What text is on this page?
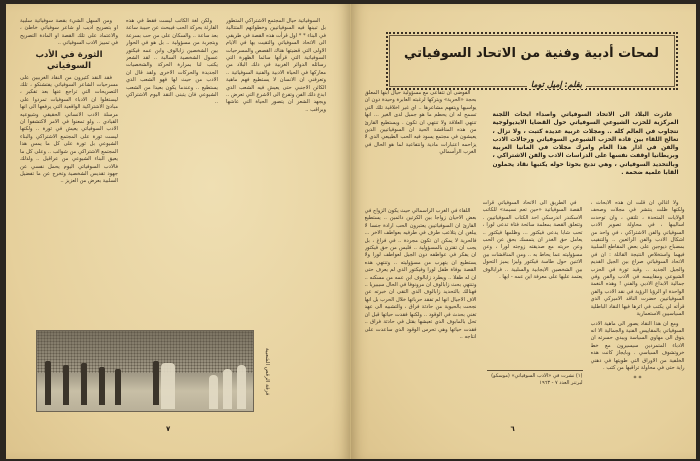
ومن السهل الشيء بقصة سوفياتية سلبية او بتصريح اديب او شاعر سوفياتي خاطئ ، والاعتماد على تلك القصة او المادة التصريح في تمييز الادب السوفياتي ..

الثورة في الأدب السوفياتي

فقد النقد كثيرون من النقاد الغربيين على مسرحيات الشاعر السوفياتي يفتشنكو ، تلك التصريحات التي تراجع عنها بعد تفكير ، ليستغلوا ان الادباء السوفيات تمردوا على مبادئ الاشتراكية الواقعية التي يرفعها الى انها مرسلة الادب الانساني الحقيقي وشيوعيه القيادي .. ولو تمعنوا في الامر لاكتشفوا ان الادب السوفياتي يعيش في ثورة .. ولكنها ليست ثورة على المجتمع الاشتراكي والبناء الشيوعي بل ثورة على كل ما يمس هذا المجتمع الاشتراكي من شوائب .. وعلى كل ما يعيق البناء الشيوعي من عراقيل .. ولذلك فالادب السوفياتي اليوم يحمل نفسي عن جهود تقديس الشخصية وتخرج عن ما تفضيل السلبية بعرض من العزيز ..

ولكن لغة الكاتب ليست فقط في هذه القارئة بحركة الحب فيبحث عن حبيبة ساعة بعد ساعة .. والسكان على من حب بسرعة وبتجربة من مسؤولية .. بل هو في الحوار بين الشخصين زابالوف وابن عمه فيكتور عسول الشخصية السالبة .. لقد الشعر يكتب لنا بمرارة الحركة والشخصيات الجديدة والحركات الاخرى ولقد قال ان الادب من حيث لها فهو الشعب الذي يستطيع .. وعندما يكون بعيدا من الشعب الشيوعي فان يتبنى النقد اليوم الاشتراكي ..

السوفياتية حيال المجتمع الاشتراكي المتطور بل تبينها فيه السوفياتيين وخطواتهم المتتالية في البناء * * اول قرأت هذه القصة في طريقي الى الاتحاد السوفياتي والتقيت بها في الايام الاولى التي قضيتها هناك القصص والمسرحيات السوفياتية التي قرأتها سائما الظهرة التي رسائله الدوائر الغربية في ذلك البلاد من معاركها في الحياة الادبية والفنية السوفياتية .. وتعرفني ان الانسان لا يستطيع فهم ماهية الكائن الاجنبي حتى يعيش فيه الشعب الذي ابدع ذلك الفن وتفرع الى الاشرع التي تعرض .. ويجهد الشعر ان يتصور الحياة التي عاشها ويراقب ..

فرقة الرقص الشعبية
٧
لمحات أدبية وفنية من الاتحاد السوفياتي
بقلم: إميل توما

الفوضى ان تتفاعى مع مسؤولية حيال ابنها المعلق بحجة «الحرية» ويتركها لرغبته العابرة وحيدة دون ان يواسيها ويتفهم مشاعرها .. اي غير اخلاقية تلك التي تسمح له ان يحطم ما هو جميل لدى الغير ... انها تنتهي العلاقة ولا تنتهي ان تكون . ويستطيع القارئ من هذه المناقشة الحية ان السوفياتيين الذين يعيشون في مجتمع يسود فيه الحب الطبيعي الذي لا يزاحمه اعتبارات مادية وانتفاعية لما هو الحال في الغرب الرأسمالي

غادرت البلاد الى الاتحاد السوفياتي واصداء ابحاث اللجنة المركزية للحزب الشيوعي السوفياتي حول القضايا الايديولوجية تتجاوب في العالم كله .. ومجلات غربية عديدة كتبت ، ولا تزال ، تعالج اللقاء بين قادة الحزب الشيوعي السوفياتي ورجالات الادب والفن في اذار هذا العام وامرك مجلات في المانيا الغربية وبريطانيا اوقفت نفسها على الدراسات الادب والفن الاشتراكي ، وبالتحديد السوفياتي ، وهي تدبج بحوثا حوله يكتبها نقاد يحملون القابا علمية ضخمة .

اللقاء في الغرب الرأسمالي حيث يكون الزواج في بعض الاحيان زواجا بين الكرتين دائمين .. يستطيع القارئ ان السوفياتيين يعتبرون الحب ارادة جنسا لا يبلغن ان يتلاعب طرف في طرفيه بعواطف الاخر ... فالحرية لا يمكن ان تكون مجردة .. في فراغ ، بل يجب ان تقترن بالمسؤولية .. فليس من حق فيكتور ان يفكر في عواطفه دون الجيل لعواطف لورا ولا يستطيع ان يتهرب من مسؤوليته .. وتنتهي هذه القصة بوفاة طفل لورا وفيكتور الذي لم يعرف حتى ان له طفلا .. ويطرد زابالوف ابن عمه من مسكنه .. وتنتهي بحث زابالوف ان مرونوفا في الحال سيبيريا .. فهنالك بالتحديد زابالوف الذي التقى ان خبرته عن الاف الاجيال انها لم تفقد حرباتها خلال الحرب بل انها نجحت بالحيوية من حادثة فراق ، والتشبيه الى عهد تغني بحدث في الوقود .. ولكنها فقدت حياتها قبل ان تحل بالمابوف الذي تعيشها بقتل في حادثة فراق .. فقدت حياتها وهي تحرس الوقود الذي ساعدت على انتاجه ..

في الطريق الى الاتحاد السوفياتي قرأت القصة السوفياتية «حين تعم نسيمة» للكاتب الاسكندر اندرسكي احد الكتاب السوفياتيين . وتتعلق القصة بمعلمة سائحة فتاة تدعى لورا ، تحب شابا يدعى فيكتور ... وظلمها فيكتور .. يعامل حق الغدر ان يتمسك بحق عن الحب وعن حريته مع صديقته زوجته لورا ، وعن مسؤوليته عما يحاط به .. ومن المناقشات بين الاثنين حول طاسة فيكتور وليزا يميز التحول بين الشخصين الايجابية والسلبية .. فرابالوف يعتمد عليها على معرفة اين عمه - ايها .

(١) نشرت في «الادب السوفياتي» (موسكو) لبرتنر العدد ٧ - ١٩٦٣

ولا اغالي ان قلت ان هذه الابحاث ، ولكنها ظلت ينتشر في مجلات وصحف الولايات المتحدة ، تلتقي ، وان توحدت اساليبها ، في محاولة تصوير الادب السوفياتي والفن الاشتراكي ، في واحد من اشكال الادب والفن الرائعين .. والتنقيب بمصباح ديوجين على بعض المقاطع السلبية فيهما واستخلاص النتيجة القائلة : ان في الاتحاد السوفياتي صراع بين الجيل القديم والجيل الجديد .. وقيد ثورة في الحزب الشيوعي ومقاييسه في الادب والفن وفي جمالية الابداع الادبي والفني ! وهذه النغمة الواحدة او الرؤيا الرؤية في نقد الادب والفن السوفياتيين حضرت الناقد الاميركي الذي قرأته لي يكتب في اثرها فيها النقاد الباطلية السياسيين الاستعمارية

ومع ان هذا النقاد يصور الى ماهية الادب السوفياتي بالمقاييس الفنية والجمالية الا انه يتوق الى مهاوي السياسة ويبدي حسرته ان الادباء المتمردين سيسيرون مع خط خروتشوف السياسي . وبايجاز كانت هذه الخلفية من الاوراق التي طويتها في ذهني راية حتى في محاولة تراقبها من كثب .

* *

٦
